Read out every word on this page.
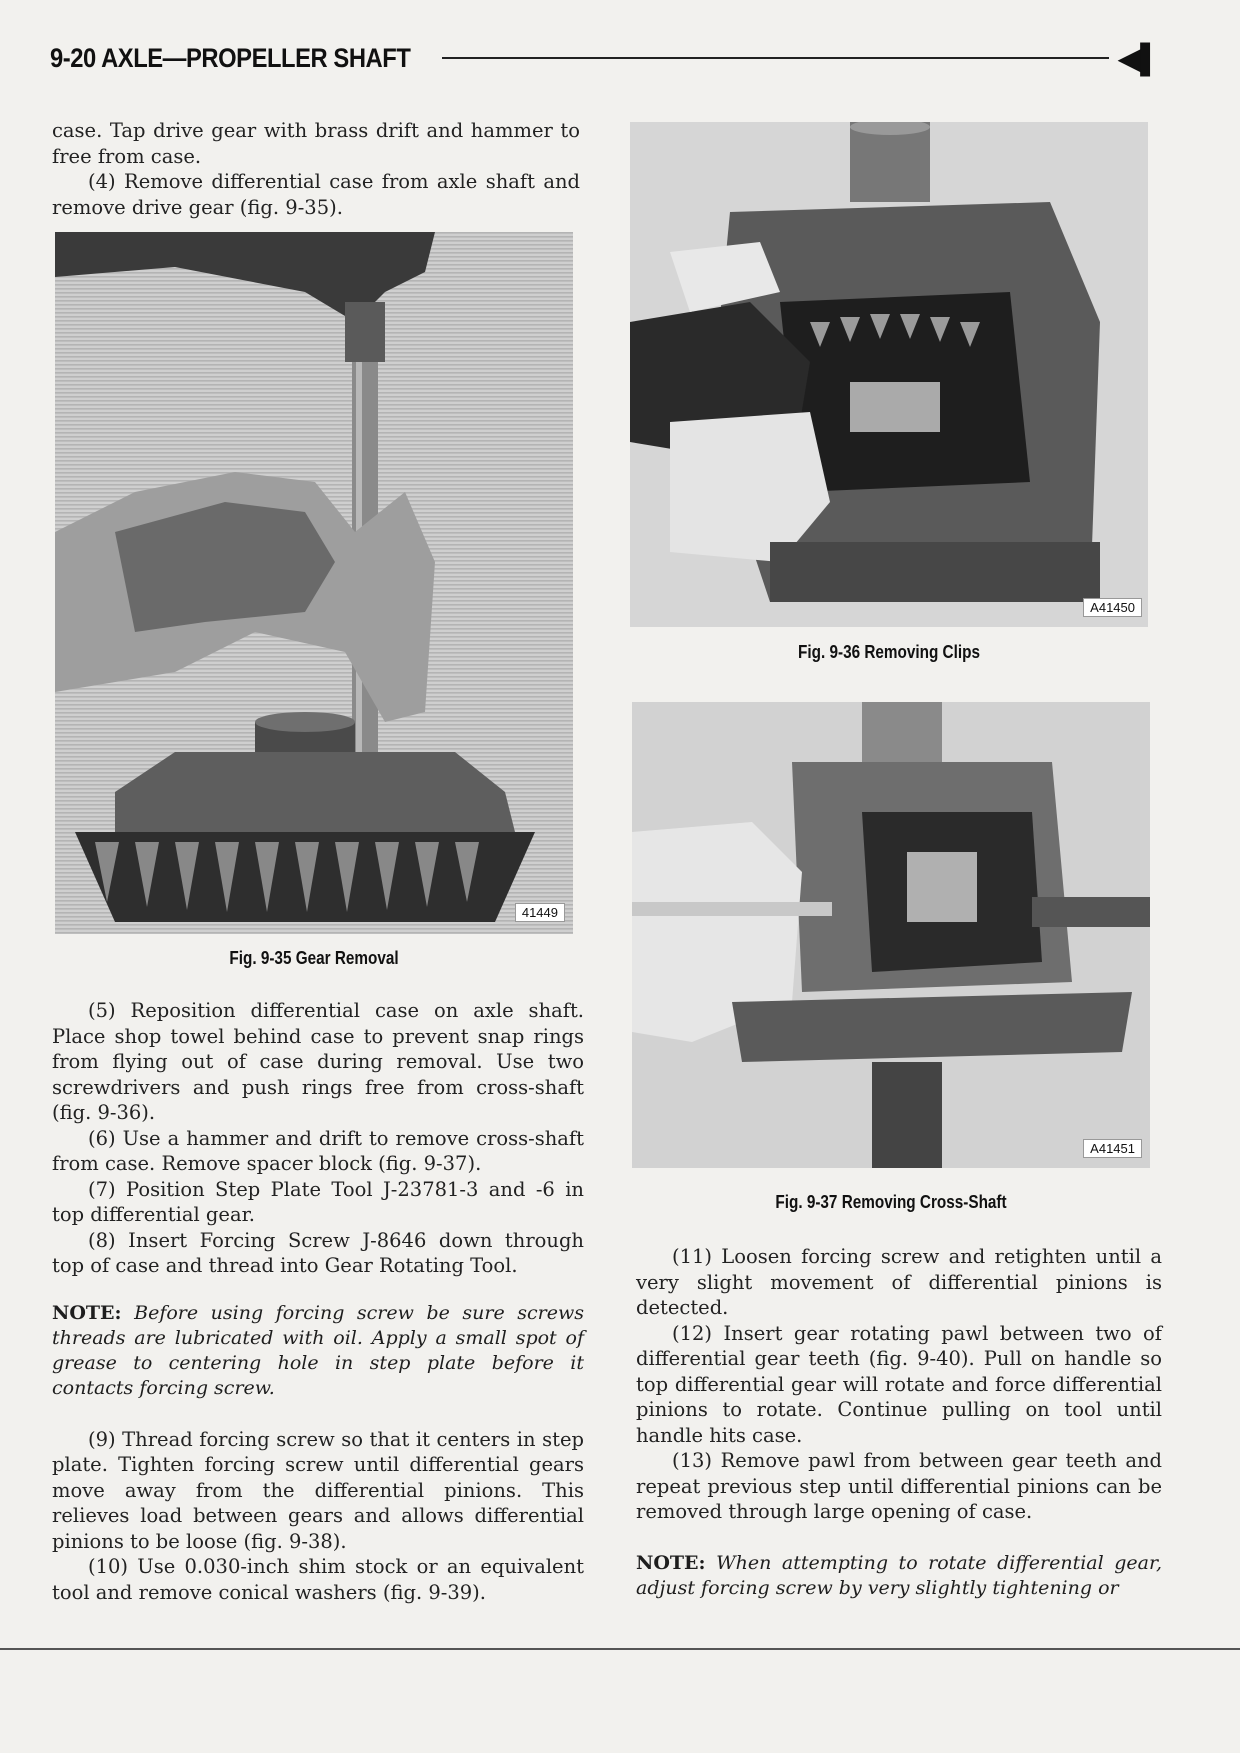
9-20 AXLE—PROPELLER SHAFT	◀▌

case. Tap drive gear with brass drift and hammer to free from case.

(4) Remove differential case from axle shaft and remove drive gear (fig. 9-35).

41449
Fig. 9-35 Gear Removal

(5) Reposition differential case on axle shaft. Place shop towel behind case to prevent snap rings from flying out of case during removal. Use two screwdrivers and push rings free from cross-shaft (fig. 9-36).

(6) Use a hammer and drift to remove cross-shaft from case. Remove spacer block (fig. 9-37).

(7) Position Step Plate Tool J-23781-3 and -6 in top differential gear.

(8) Insert Forcing Screw J-8646 down through top of case and thread into Gear Rotating Tool.

NOTE: Before using forcing screw be sure screws threads are lubricated with oil. Apply a small spot of grease to centering hole in step plate before it contacts forcing screw.

(9) Thread forcing screw so that it centers in step plate. Tighten forcing screw until differential gears move away from the differential pinions. This relieves load between gears and allows differential pinions to be loose (fig. 9-38).

(10) Use 0.030-inch shim stock or an equivalent tool and remove conical washers (fig. 9-39).

A41450
Fig. 9-36 Removing Clips
A41451
Fig. 9-37 Removing Cross-Shaft

(11) Loosen forcing screw and retighten until a very slight movement of differential pinions is detected.

(12) Insert gear rotating pawl between two of differential gear teeth (fig. 9-40). Pull on handle so top differential gear will rotate and force differential pinions to rotate. Continue pulling on tool until handle hits case.

(13) Remove pawl from between gear teeth and repeat previous step until differential pinions can be removed through large opening of case.

NOTE: When attempting to rotate differential gear, adjust forcing screw by very slightly tightening or
